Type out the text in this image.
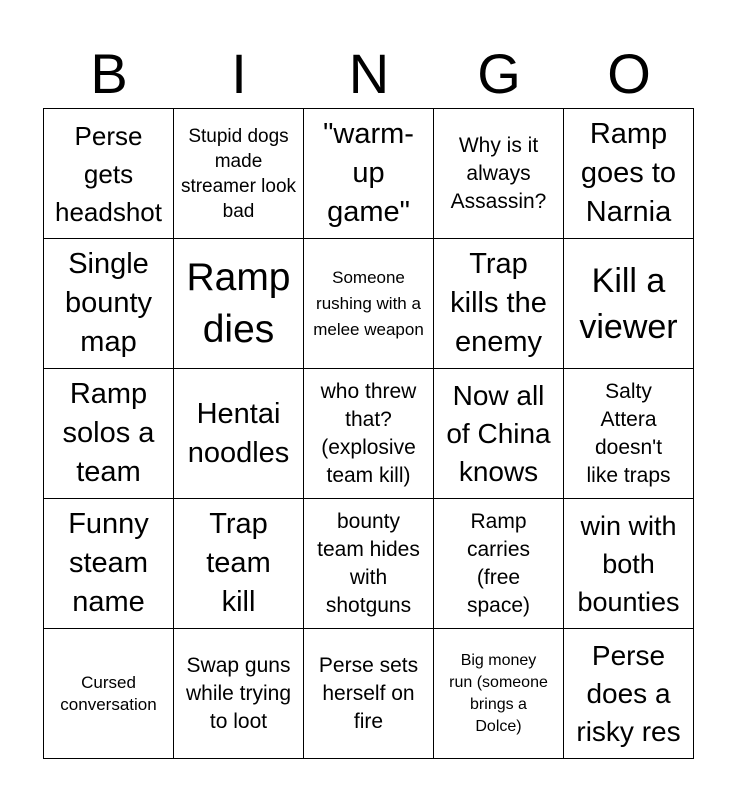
B	I	N	G	O
Perse gets headshot
Stupid dogs made streamer look bad
"warm-up game"
Why is it always Assassin?
Ramp goes to Narnia
Single bounty map
Ramp dies
Someone rushing with a melee weapon
Trap kills the enemy
Kill a viewer
Ramp solos a team
Hentai noodles
who threw that? (explosive team kill)
Now all of China knows
Salty Attera doesn't like traps
Funny steam name
Trap team kill
bounty team hides with shotguns
Ramp carries (free space)
win with both bounties
Cursed conversation
Swap guns while trying to loot
Perse sets herself on fire
Big money run (someone brings a Dolce)
Perse does a risky res
